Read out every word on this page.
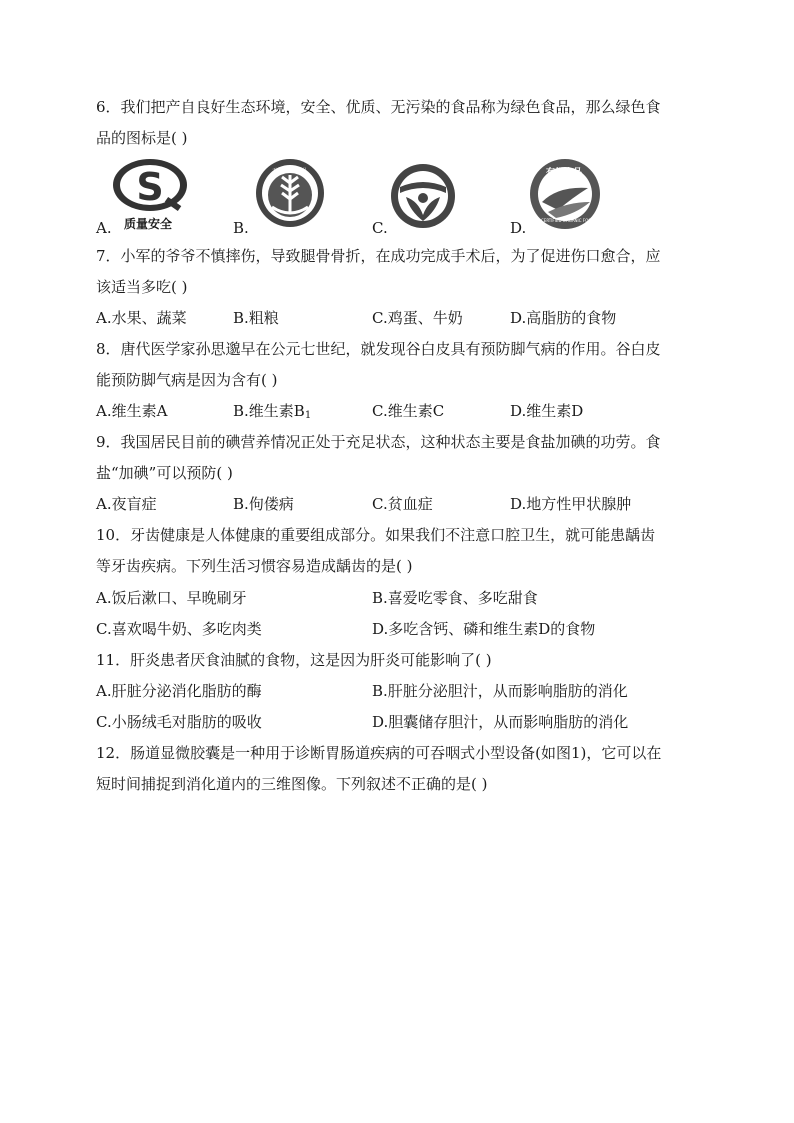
6．我们把产自良好生态环境，安全、优质、无污染的食品称为绿色食品，那么绿色食
品的图标是( )
S
质量安全
A.
无公害农产品
B.	C.
有机食品
CERTIFIED ORGANIC FOOD
D.
7．小军的爷爷不慎摔伤，导致腿骨骨折，在成功完成手术后，为了促进伤口愈合，应
该适当多吃( )
A.水果、蔬菜	B.粗粮	C.鸡蛋、牛奶	D.高脂肪的食物
8．唐代医学家孙思邈早在公元七世纪，就发现谷白皮具有预防脚气病的作用。谷白皮
能预防脚气病是因为含有( )
A.维生素A	B.维生素$B_1$	C.维生素C	D.维生素D
9．我国居民目前的碘营养情况正处于充足状态，这种状态主要是食盐加碘的功劳。食
盐“加碘”可以预防( )
A.夜盲症	B.佝偻病	C.贫血症	D.地方性甲状腺肿
10．牙齿健康是人体健康的重要组成部分。如果我们不注意口腔卫生，就可能患龋齿
等牙齿疾病。下列生活习惯容易造成龋齿的是( )
A.饭后漱口、早晚刷牙	B.喜爱吃零食、多吃甜食
C.喜欢喝牛奶、多吃肉类	D.多吃含钙、磷和维生素D的食物
11．肝炎患者厌食油腻的食物，这是因为肝炎可能影响了( )
A.肝脏分泌消化脂肪的酶	B.肝脏分泌胆汁，从而影响脂肪的消化
C.小肠绒毛对脂肪的吸收	D.胆囊储存胆汁，从而影响脂肪的消化
12．肠道显微胶囊是一种用于诊断胃肠道疾病的可吞咽式小型设备(如图1)，它可以在
短时间捕捉到消化道内的三维图像。下列叙述不正确的是( )
